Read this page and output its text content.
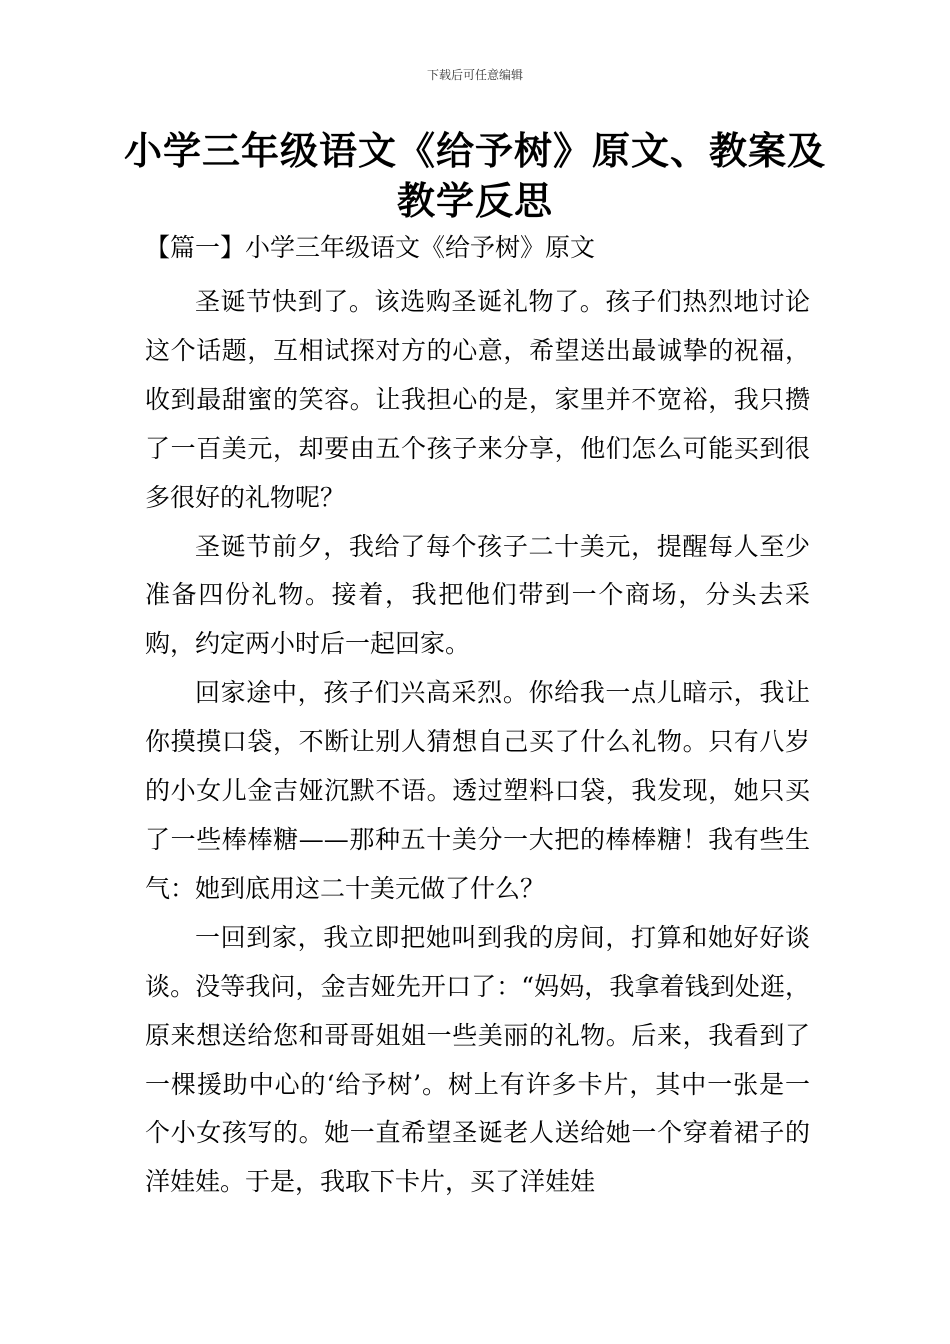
下载后可任意编辑
小学三年级语文《给予树》原文、教案及教学反思
【篇一】小学三年级语文《给予树》原文

圣诞节快到了。该选购圣诞礼物了。孩子们热烈地讨论这个话题，互相试探对方的心意，希望送出最诚挚的祝福，收到最甜蜜的笑容。让我担心的是，家里并不宽裕，我只攒了一百美元，却要由五个孩子来分享，他们怎么可能买到很多很好的礼物呢？

圣诞节前夕，我给了每个孩子二十美元，提醒每人至少准备四份礼物。接着，我把他们带到一个商场，分头去采购，约定两小时后一起回家。

回家途中，孩子们兴高采烈。你给我一点儿暗示，我让你摸摸口袋，不断让别人猜想自己买了什么礼物。只有八岁的小女儿金吉娅沉默不语。透过塑料口袋，我发现，她只买了一些棒棒糖——那种五十美分一大把的棒棒糖！我有些生气：她到底用这二十美元做了什么？

一回到家，我立即把她叫到我的房间，打算和她好好谈谈。没等我问，金吉娅先开口了：“妈妈，我拿着钱到处逛，原来想送给您和哥哥姐姐一些美丽的礼物。后来，我看到了一棵援助中心的‘给予树’。树上有许多卡片，其中一张是一个小女孩写的。她一直希望圣诞老人送给她一个穿着裙子的洋娃娃。于是，我取下卡片，买了洋娃娃
